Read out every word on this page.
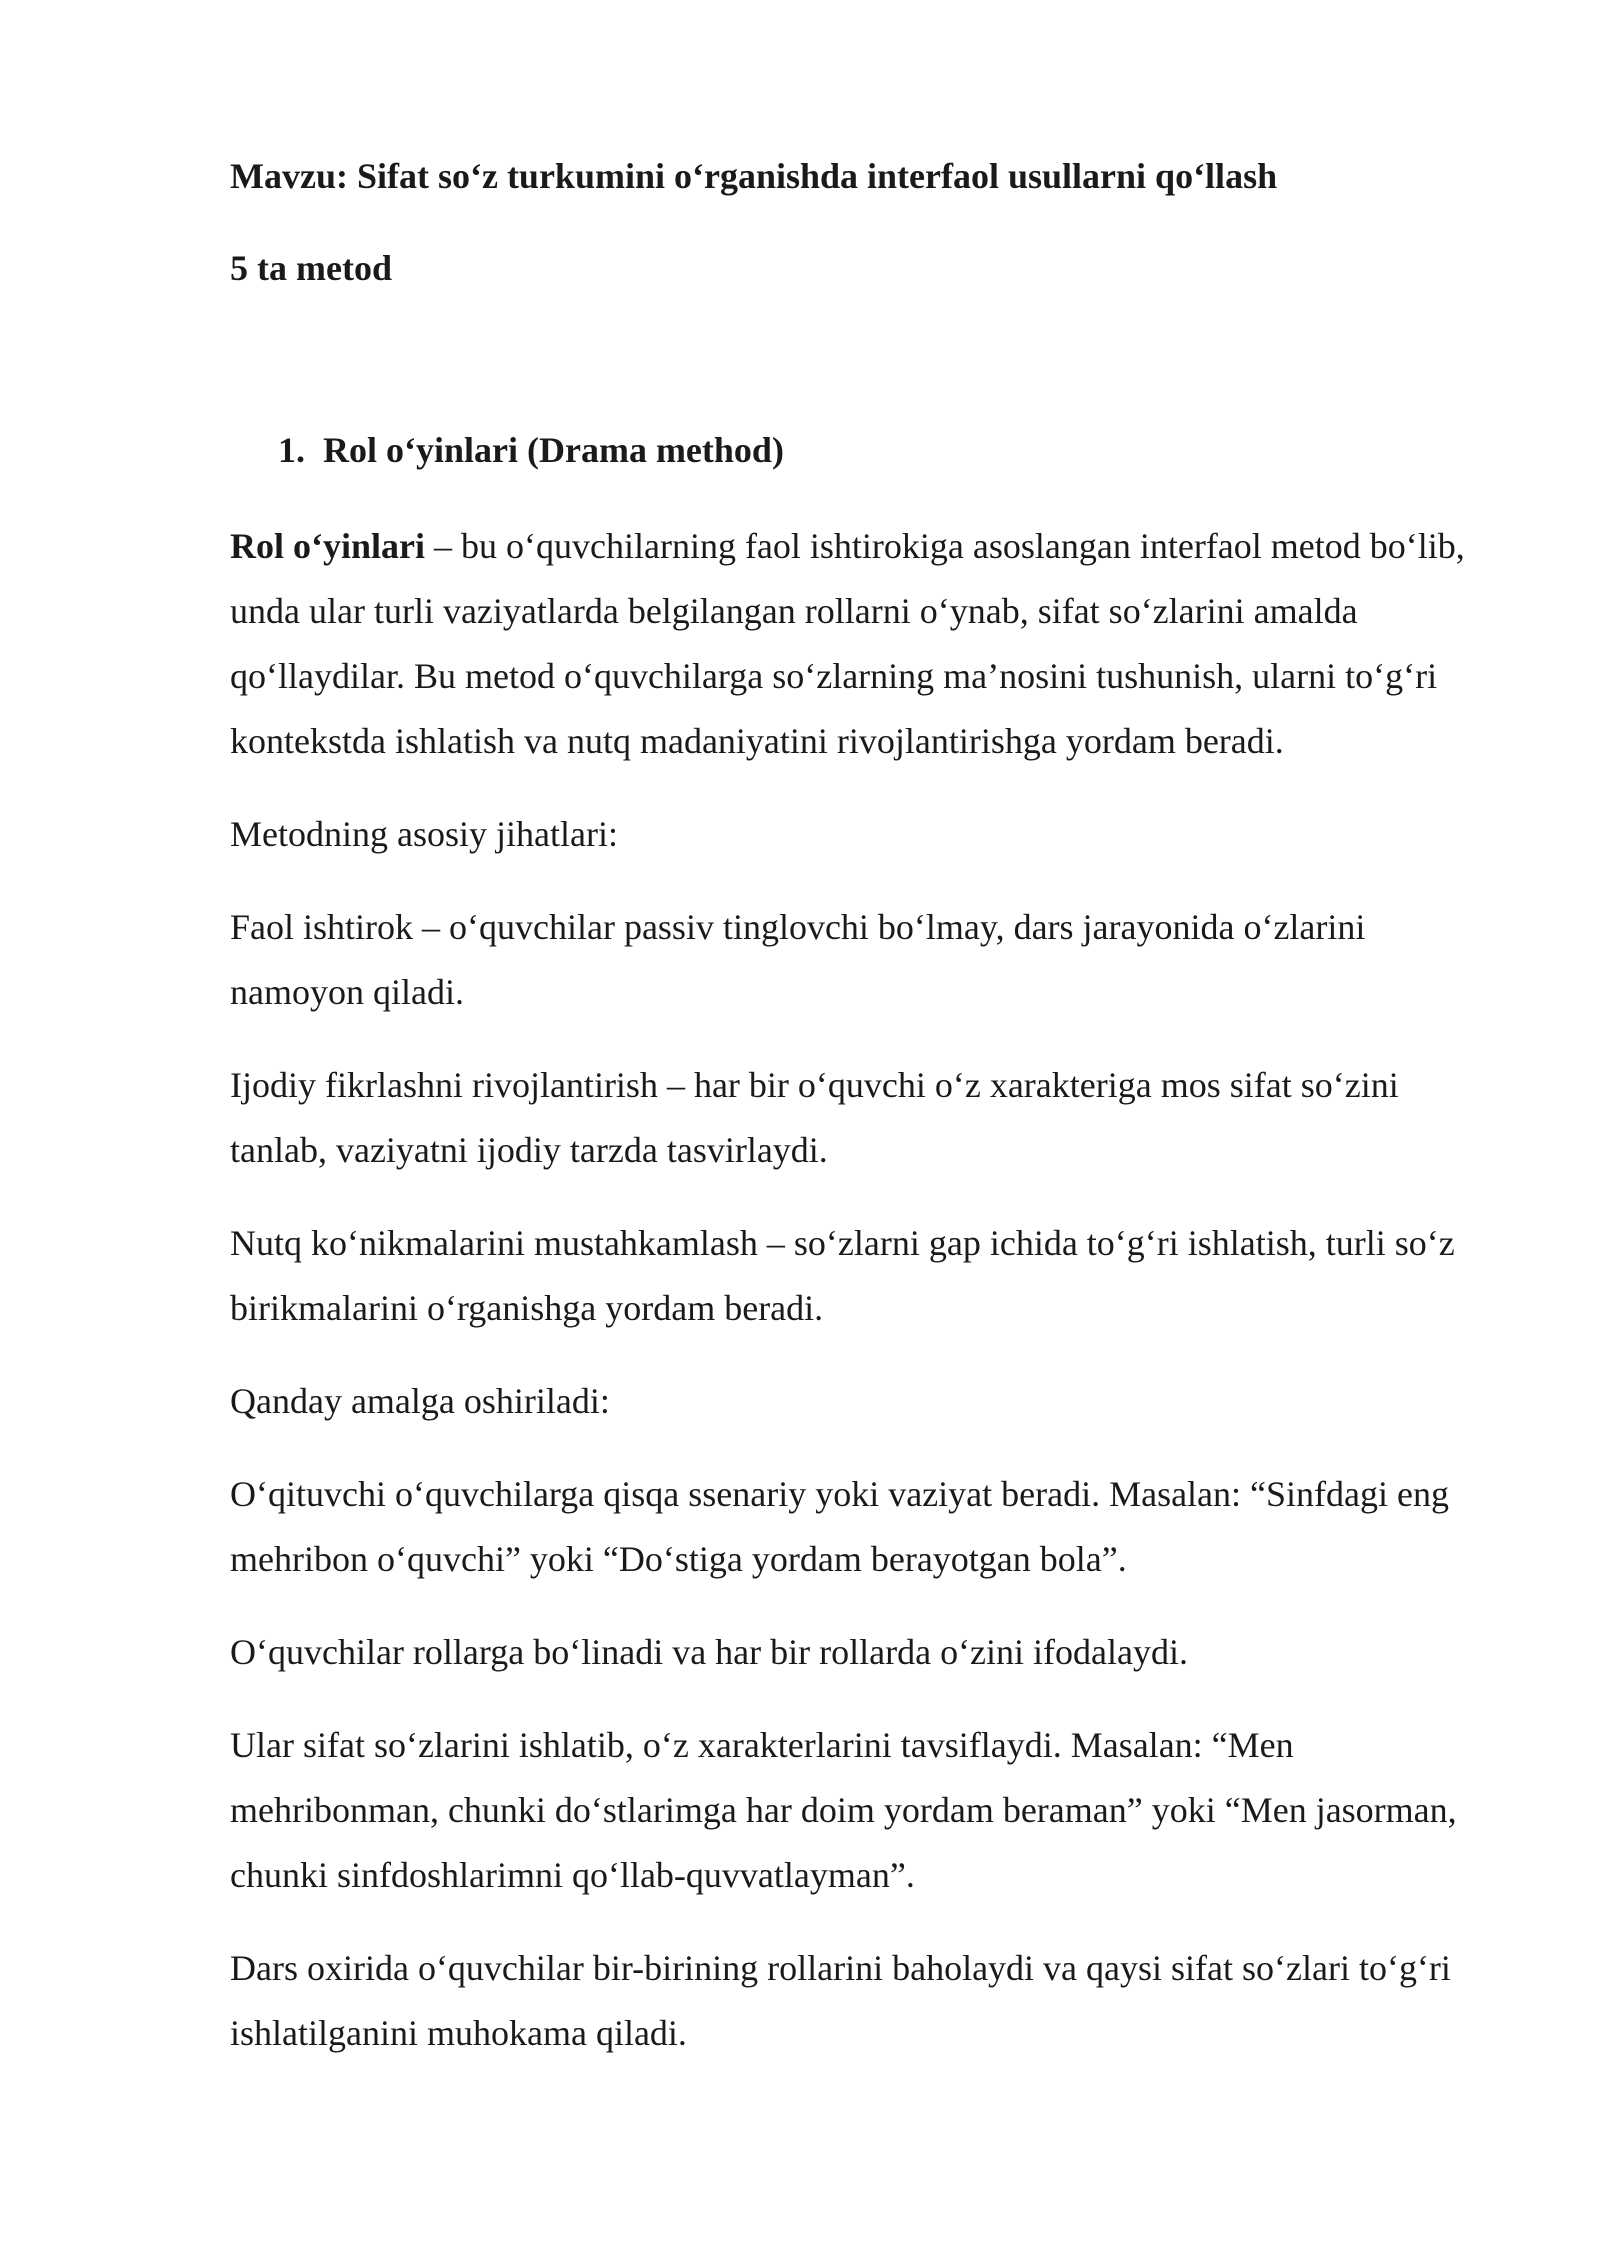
Mavzu: Sifat so‘z turkumini o‘rganishda interfaol usullarni qo‘llash

5 ta metod

1. Rol o‘yinlari (Drama method)

Rol o‘yinlari – bu o‘quvchilarning faol ishtirokiga asoslangan interfaol metod bo‘lib, unda ular turli vaziyatlarda belgilangan rollarni o‘ynab, sifat so‘zlarini amalda qo‘llaydilar. Bu metod o‘quvchilarga so‘zlarning ma’nosini tushunish, ularni to‘g‘ri kontekstda ishlatish va nutq madaniyatini rivojlantirishga yordam beradi.

Metodning asosiy jihatlari:

Faol ishtirok – o‘quvchilar passiv tinglovchi bo‘lmay, dars jarayonida o‘zlarini namoyon qiladi.

Ijodiy fikrlashni rivojlantirish – har bir o‘quvchi o‘z xarakteriga mos sifat so‘zini tanlab, vaziyatni ijodiy tarzda tasvirlaydi.

Nutq ko‘nikmalarini mustahkamlash – so‘zlarni gap ichida to‘g‘ri ishlatish, turli so‘z birikmalarini o‘rganishga yordam beradi.

Qanday amalga oshiriladi:

O‘qituvchi o‘quvchilarga qisqa ssenariy yoki vaziyat beradi. Masalan: “Sinfdagi eng mehribon o‘quvchi” yoki “Do‘stiga yordam berayotgan bola”.

O‘quvchilar rollarga bo‘linadi va har bir rollarda o‘zini ifodalaydi.

Ular sifat so‘zlarini ishlatib, o‘z xarakterlarini tavsiflaydi. Masalan: “Men mehribonman, chunki do‘stlarimga har doim yordam beraman” yoki “Men jasorman, chunki sinfdoshlarimni qo‘llab-quvvatlayman”.

Dars oxirida o‘quvchilar bir-birining rollarini baholaydi va qaysi sifat so‘zlari to‘g‘ri ishlatilganini muhokama qiladi.
